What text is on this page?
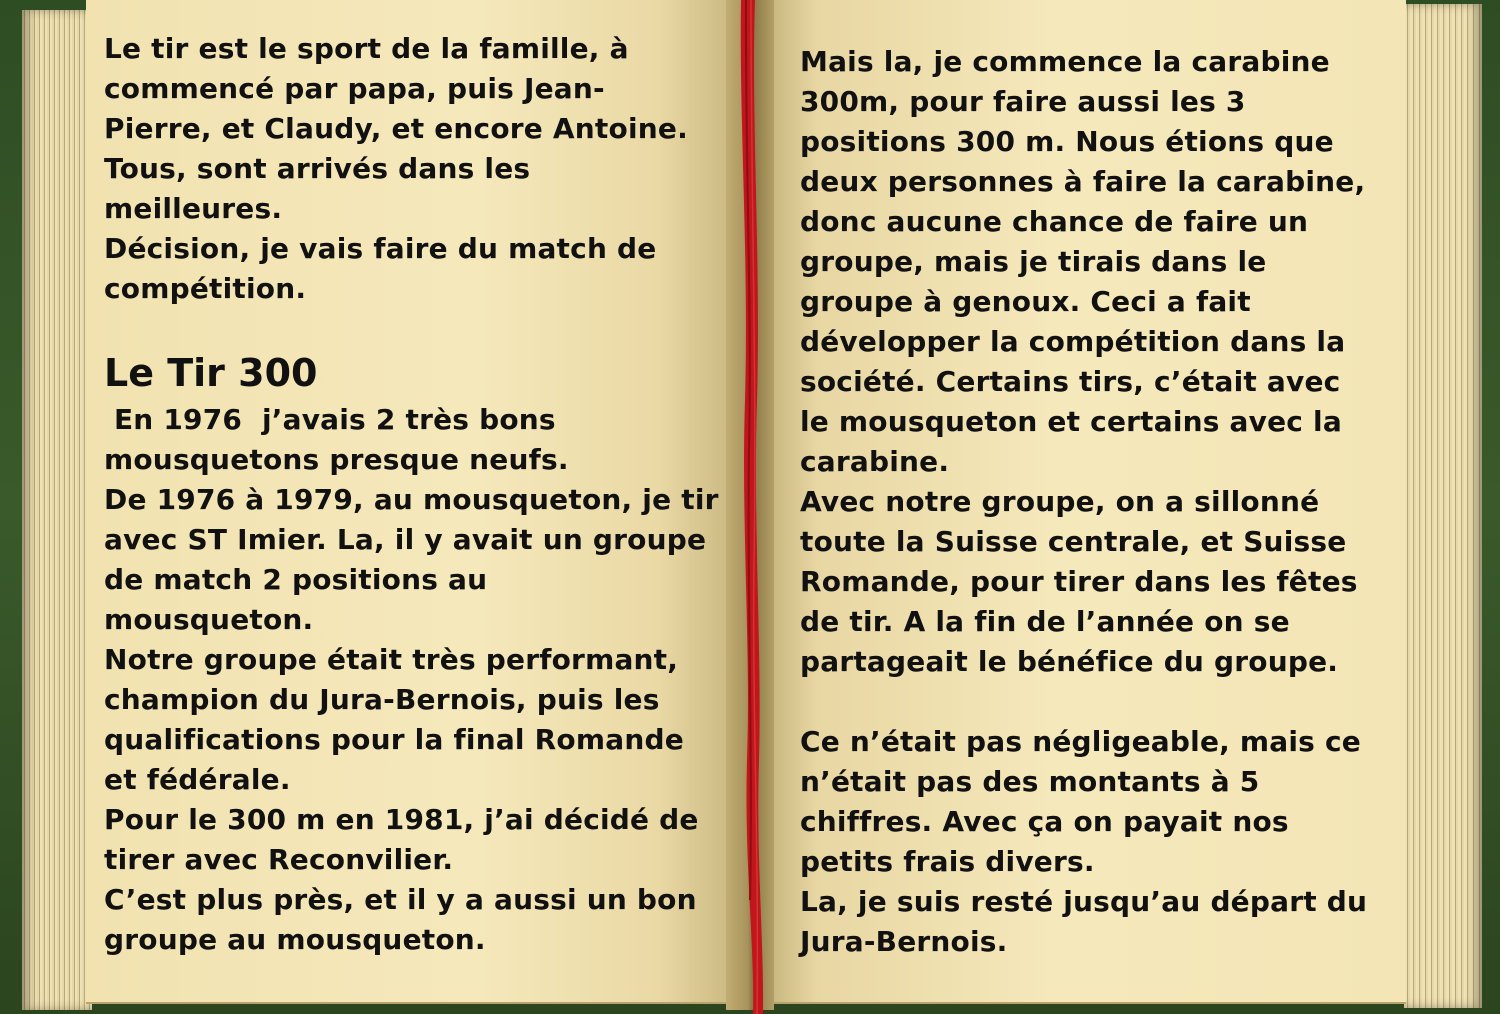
Le tir est le sport de la famille, à

commencé par papa, puis Jean-

Pierre, et Claudy, et encore Antoine.

Tous, sont arrivés dans les

meilleures.

Décision, je vais faire du match de

compétition.

Le Tir 300

En 1976  j’avais 2 très bons

mousquetons presque neufs.

De 1976 à 1979, au mousqueton, je tir

avec ST Imier. La, il y avait un groupe

de match 2 positions au

mousqueton.

Notre groupe était très performant,

champion du Jura-Bernois, puis les

qualifications pour la final Romande

et fédérale.

Pour le 300 m en 1981, j’ai décidé de

tirer avec Reconvilier.

C’est plus près, et il y a aussi un bon

groupe au mousqueton.

Mais la, je commence la carabine

300m, pour faire aussi les 3

positions 300 m. Nous étions que

deux personnes à faire la carabine,

donc aucune chance de faire un

groupe, mais je tirais dans le

groupe à genoux. Ceci a fait

développer la compétition dans la

société. Certains tirs, c’était avec

le mousqueton et certains avec la

carabine.

Avec notre groupe, on a sillonné

toute la Suisse centrale, et Suisse

Romande, pour tirer dans les fêtes

de tir. A la fin de l’année on se

partageait le bénéfice du groupe.

Ce n’était pas négligeable, mais ce

n’était pas des montants à 5

chiffres. Avec ça on payait nos

petits frais divers.

La, je suis resté jusqu’au départ du

Jura-Bernois.
